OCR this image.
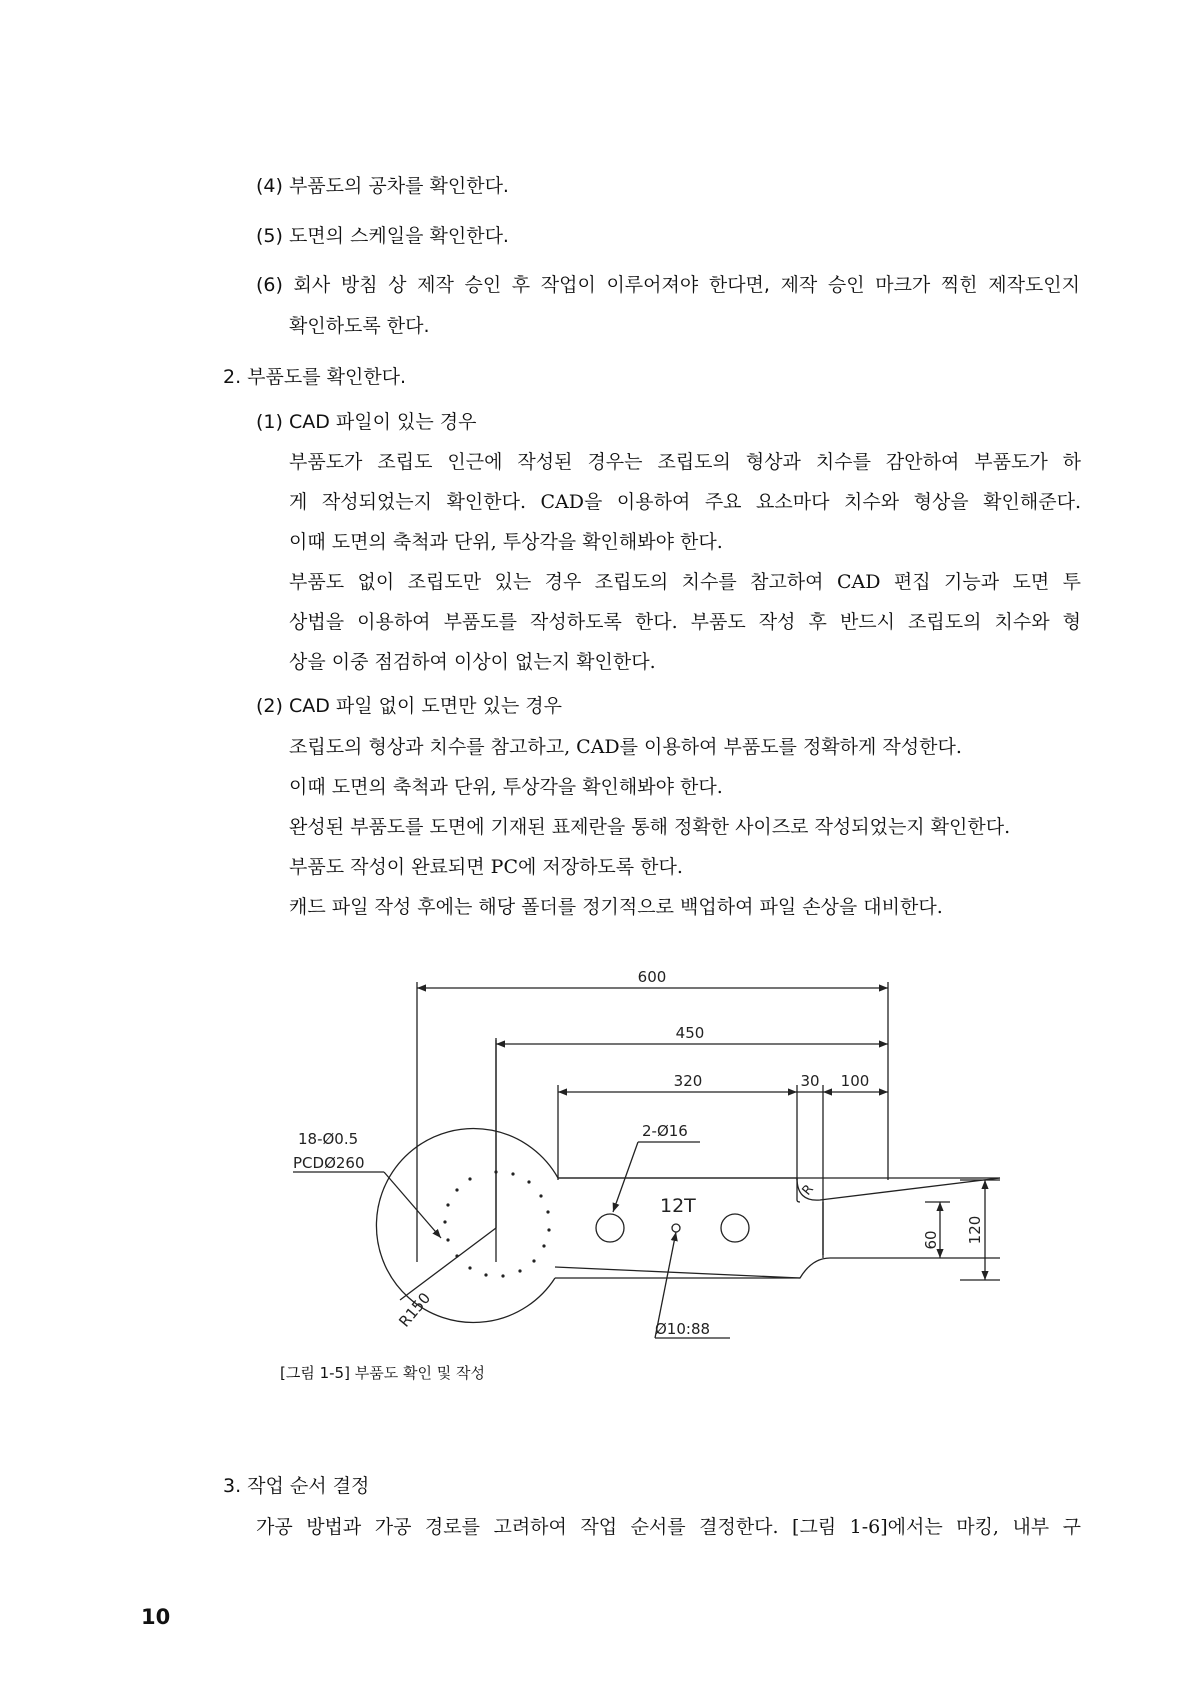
(4) 부품도의 공차를 확인한다.
(5) 도면의 스케일을 확인한다.
(6) 회사 방침 상 제작 승인 후 작업이 이루어져야 한다면, 제작 승인 마크가 찍힌 제작도인지
확인하도록 한다.
2. 부품도를 확인한다.
(1) CAD 파일이 있는 경우
부품도가 조립도 인근에 작성된 경우는 조립도의 형상과 치수를 감안하여 부품도가 하
게 작성되었는지 확인한다. CAD을 이용하여 주요 요소마다 치수와 형상을 확인해준다.
이때 도면의 축척과 단위, 투상각을 확인해봐야 한다.
부품도 없이 조립도만 있는 경우 조립도의 치수를 참고하여 CAD 편집 기능과 도면 투
상법을 이용하여 부품도를 작성하도록 한다. 부품도 작성 후 반드시 조립도의 치수와 형
상을 이중 점검하여 이상이 없는지 확인한다.
(2) CAD 파일 없이 도면만 있는 경우
조립도의 형상과 치수를 참고하고, CAD를 이용하여 부품도를 정확하게 작성한다.
이때 도면의 축척과 단위, 투상각을 확인해봐야 한다.
완성된 부품도를 도면에 기재된 표제란을 통해 정확한 사이즈로 작성되었는지 확인한다.
부품도 작성이 완료되면 PC에 저장하도록 한다.
캐드 파일 작성 후에는 해당 폴더를 정기적으로 백업하여 파일 손상을 대비한다.
600
450
320	30 100
18-Ø0.5
PCDØ260
2-Ø16
12T
Ø10:88
R150
R
60 120
[그림 1-5] 부품도 확인 및 작성
3. 작업 순서 결정
가공 방법과 가공 경로를 고려하여 작업 순서를 결정한다. [그림 1-6]에서는 마킹, 내부 구
10
